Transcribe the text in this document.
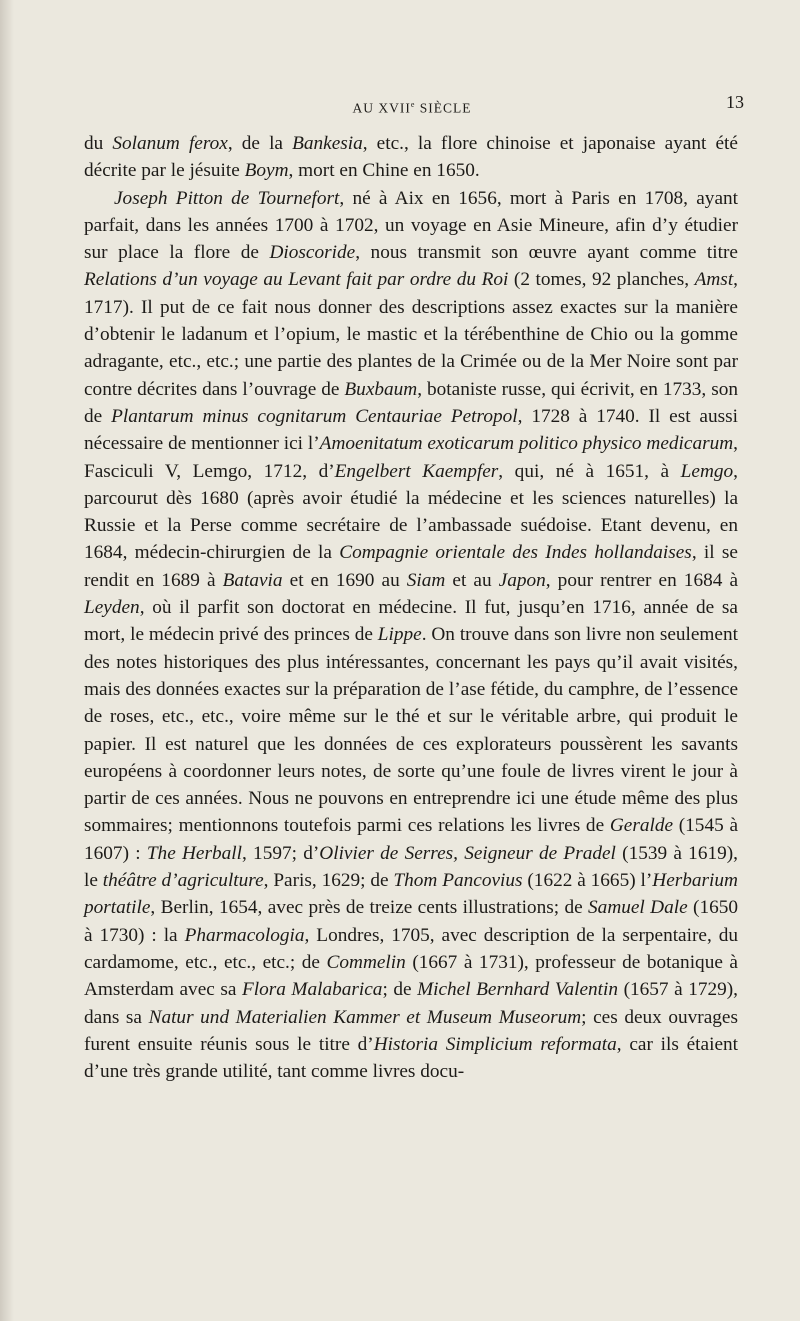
AU XVIIe SIÈCLE	13

du Solanum ferox, de la Bankesia, etc., la flore chinoise et japonaise ayant été décrite par le jésuite Boym, mort en Chine en 1650.

Joseph Pitton de Tournefort, né à Aix en 1656, mort à Paris en 1708, ayant parfait, dans les années 1700 à 1702, un voyage en Asie Mineure, afin d’y étudier sur place la flore de Dioscoride, nous transmit son œuvre ayant comme titre Relations d’un voyage au Levant fait par ordre du Roi (2 tomes, 92 planches, Amst, 1717). Il put de ce fait nous donner des descriptions assez exactes sur la manière d’obtenir le ladanum et l’opium, le mastic et la térébenthine de Chio ou la gomme adragante, etc., etc.; une partie des plantes de la Crimée ou de la Mer Noire sont par contre décrites dans l’ouvrage de Buxbaum, botaniste russe, qui écrivit, en 1733, son de Plantarum minus cognitarum Centauriae Petropol, 1728 à 1740. Il est aussi nécessaire de mentionner ici l’Amoenitatum exoticarum politico physico medicarum, Fasciculi V, Lemgo, 1712, d’Engelbert Kaempfer, qui, né à 1651, à Lemgo, parcourut dès 1680 (après avoir étudié la médecine et les sciences naturelles) la Russie et la Perse comme secrétaire de l’ambassade suédoise. Etant devenu, en 1684, médecin-chirurgien de la Compagnie orientale des Indes hollandaises, il se rendit en 1689 à Batavia et en 1690 au Siam et au Japon, pour rentrer en 1684 à Leyden, où il parfit son doctorat en médecine. Il fut, jusqu’en 1716, année de sa mort, le médecin privé des princes de Lippe. On trouve dans son livre non seulement des notes historiques des plus intéressantes, concernant les pays qu’il avait visités, mais des données exactes sur la préparation de l’ase fétide, du camphre, de l’essence de roses, etc., etc., voire même sur le thé et sur le véritable arbre, qui produit le papier. Il est naturel que les données de ces explorateurs poussèrent les savants européens à coordonner leurs notes, de sorte qu’une foule de livres virent le jour à partir de ces années. Nous ne pouvons en entreprendre ici une étude même des plus sommaires; mentionnons toutefois parmi ces relations les livres de Geralde (1545 à 1607) : The Herball, 1597; d’Olivier de Serres, Seigneur de Pradel (1539 à 1619), le théâtre d’agriculture, Paris, 1629; de Thom Pancovius (1622 à 1665) l’Herbarium portatile, Berlin, 1654, avec près de treize cents illustrations; de Samuel Dale (1650 à 1730) : la Pharmacologia, Londres, 1705, avec description de la serpentaire, du cardamome, etc., etc., etc.; de Commelin (1667 à 1731), professeur de botanique à Amsterdam avec sa Flora Malabarica; de Michel Bernhard Valentin (1657 à 1729), dans sa Natur und Materialien Kammer et Museum Museorum; ces deux ouvrages furent ensuite réunis sous le titre d’Historia Simplicium reformata, car ils étaient d’une très grande utilité, tant comme livres docu-
